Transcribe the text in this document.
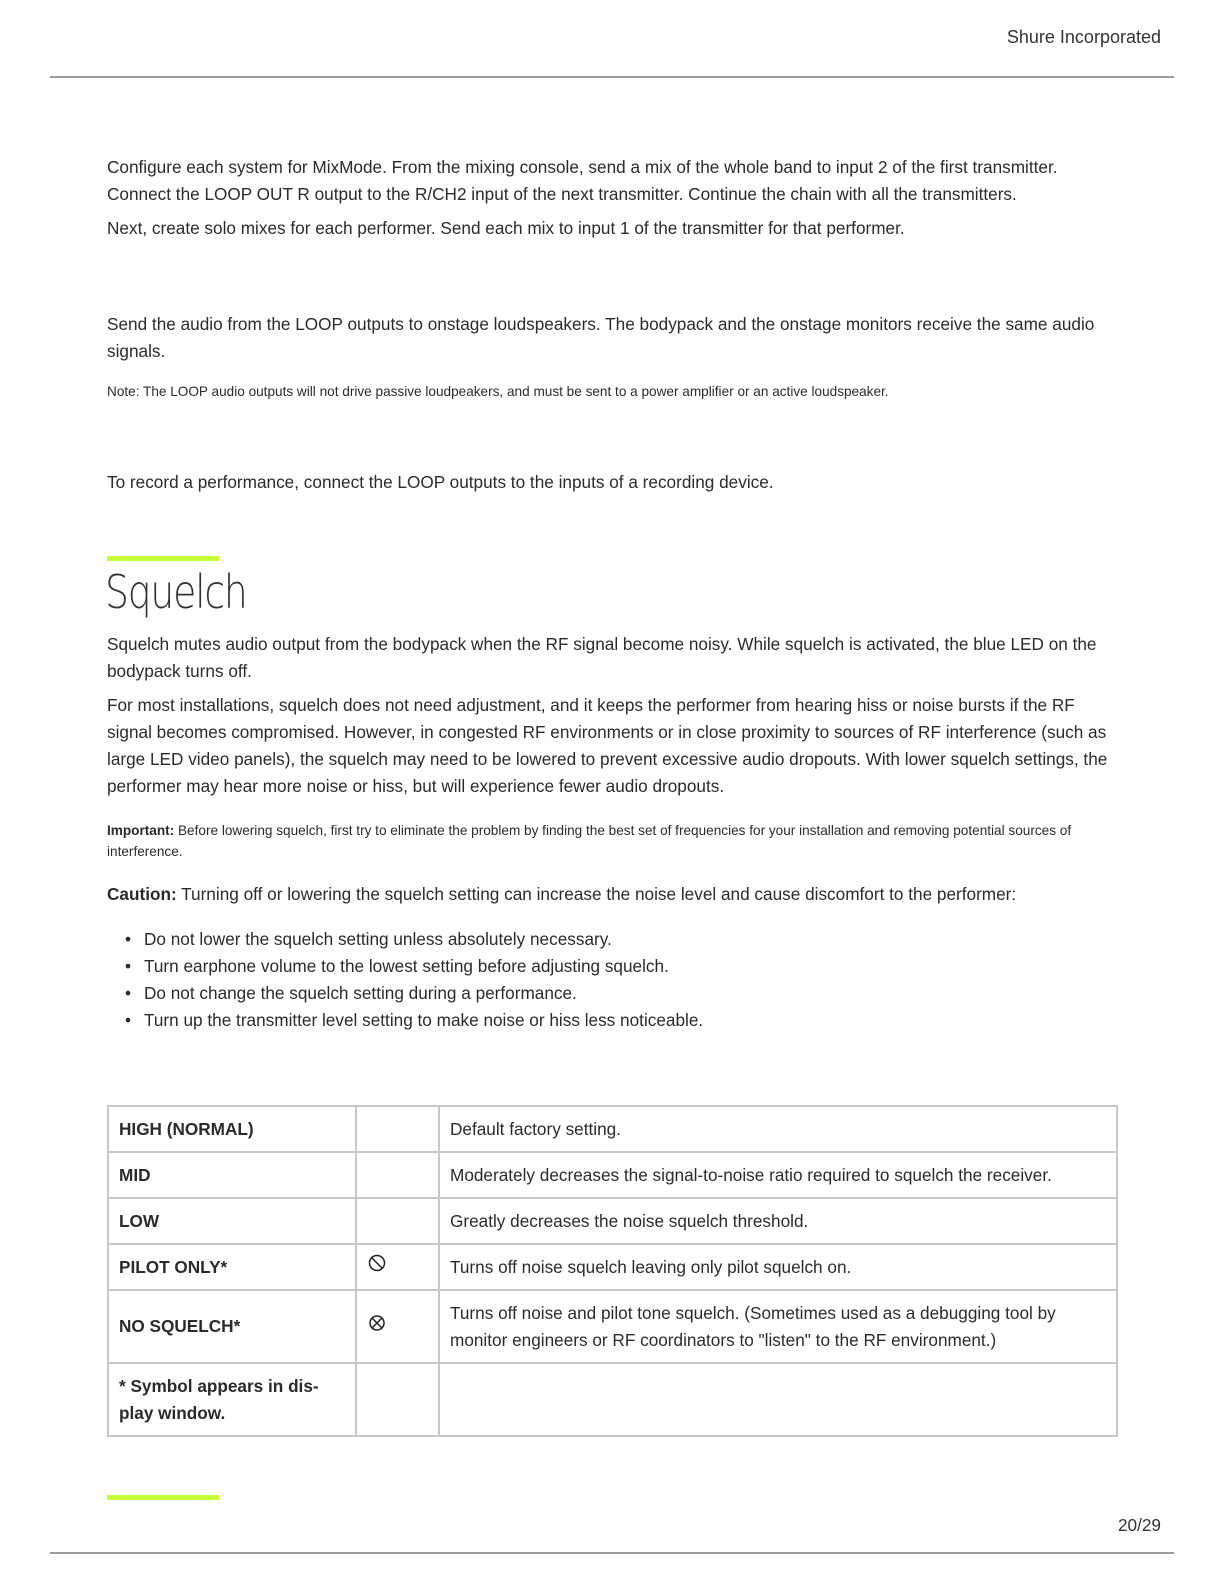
Shure Incorporated

Configure each system for MixMode. From the mixing console, send a mix of the whole band to input 2 of the first transmitter. Connect the LOOP OUT R output to the R/CH2 input of the next transmitter. Continue the chain with all the transmitters.

Next, create solo mixes for each performer. Send each mix to input 1 of the transmitter for that performer.

Send the audio from the LOOP outputs to onstage loudspeakers. The bodypack and the onstage monitors receive the same audio signals.

Note: The LOOP audio outputs will not drive passive loudpeakers, and must be sent to a power amplifier or an active loudspeaker.

To record a performance, connect the LOOP outputs to the inputs of a recording device.

Squelch

Squelch mutes audio output from the bodypack when the RF signal become noisy. While squelch is activated, the blue LED on the bodypack turns off.

For most installations, squelch does not need adjustment, and it keeps the performer from hearing hiss or noise bursts if the RF signal becomes compromised. However, in congested RF environments or in close proximity to sources of RF interference (such as large LED video panels), the squelch may need to be lowered to prevent excessive audio dropouts. With lower squelch settings, the performer may hear more noise or hiss, but will experience fewer audio dropouts.

Important: Before lowering squelch, first try to eliminate the problem by finding the best set of frequencies for your installation and removing potential sources of interference.

Caution: Turning off or lowering the squelch setting can increase the noise level and cause discomfort to the performer:

• Do not lower the squelch setting unless absolutely necessary.
• Turn earphone volume to the lowest setting before adjusting squelch.
• Do not change the squelch setting during a performance.
• Turn up the transmitter level setting to make noise or hiss less noticeable.
HIGH (NORMAL)		Default factory setting.
MID		Moderately decreases the signal-to-noise ratio required to squelch the receiver.
LOW		Greatly decreases the noise squelch threshold.
PILOT ONLY*		Turns off noise squelch leaving only pilot squelch on.
NO SQUELCH*		Turns off noise and pilot tone squelch. (Sometimes used as a debugging tool by monitor engineers or RF coordinators to "listen" to the RF environment.)
* Symbol appears in dis-play window.		
20/29
